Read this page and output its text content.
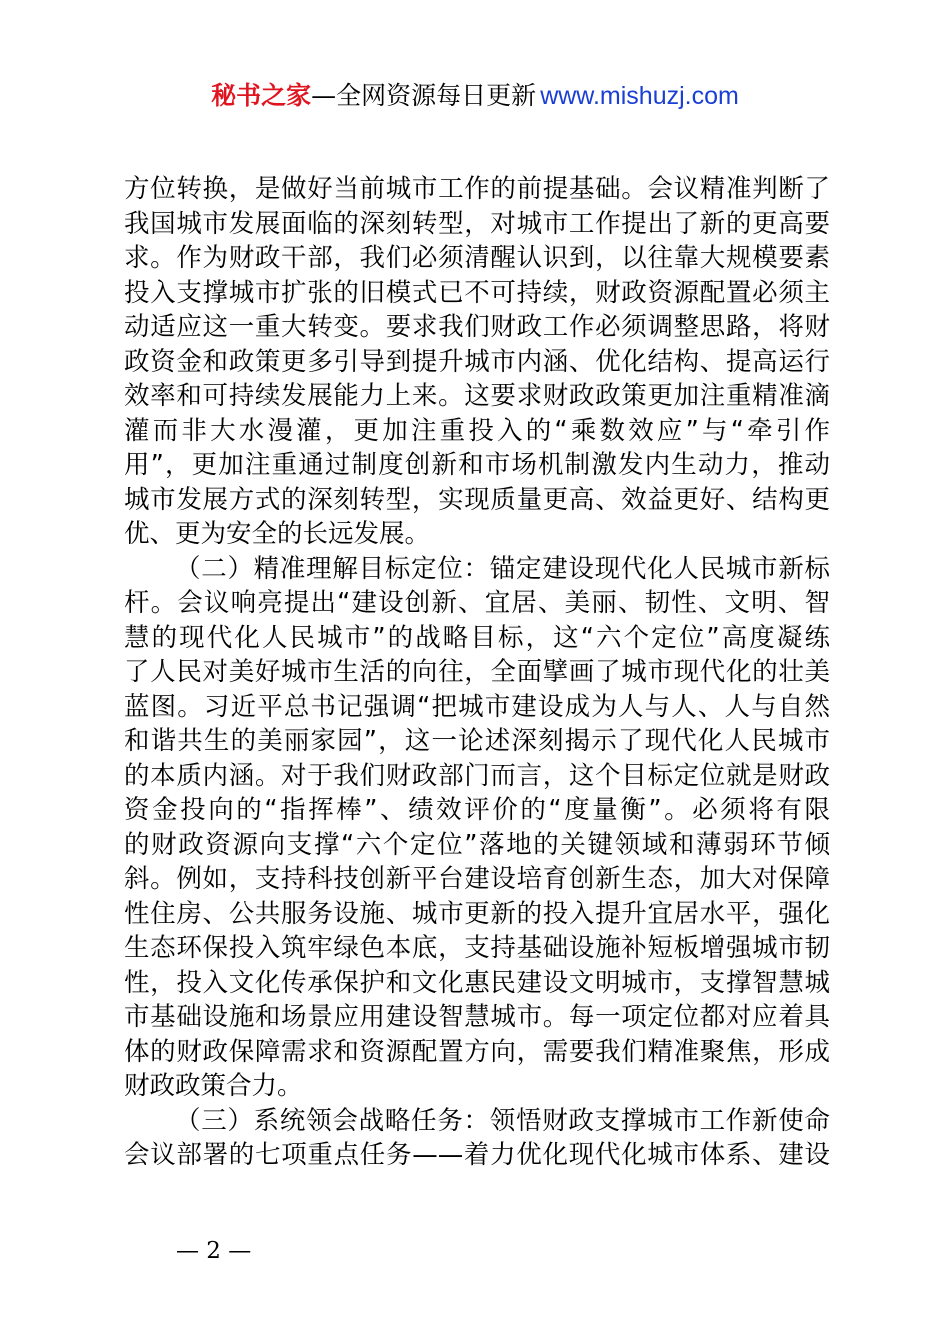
秘书之家—全网资源每日更新 www.mishuzj.com
方位转换，是做好当前城市工作的前提基础。会议精准判断了
我国城市发展面临的深刻转型，对城市工作提出了新的更高要
求。作为财政干部，我们必须清醒认识到，以往靠大规模要素
投入支撑城市扩张的旧模式已不可持续，财政资源配置必须主
动适应这一重大转变。要求我们财政工作必须调整思路，将财
政资金和政策更多引导到提升城市内涵、优化结构、提高运行
效率和可持续发展能力上来。这要求财政政策更加注重精准滴
灌而非大水漫灌，更加注重投入的“乘数效应”与“牵引作
用”，更加注重通过制度创新和市场机制激发内生动力，推动
城市发展方式的深刻转型，实现质量更高、效益更好、结构更
优、更为安全的长远发展。
（二）精准理解目标定位：锚定建设现代化人民城市新标
杆。会议响亮提出“建设创新、宜居、美丽、韧性、文明、智
慧的现代化人民城市”的战略目标，这“六个定位”高度凝练
了人民对美好城市生活的向往，全面擘画了城市现代化的壮美
蓝图。习近平总书记强调“把城市建设成为人与人、人与自然
和谐共生的美丽家园”，这一论述深刻揭示了现代化人民城市
的本质内涵。对于我们财政部门而言，这个目标定位就是财政
资金投向的“指挥棒”、绩效评价的“度量衡”。必须将有限
的财政资源向支撑“六个定位”落地的关键领域和薄弱环节倾
斜。例如，支持科技创新平台建设培育创新生态，加大对保障
性住房、公共服务设施、城市更新的投入提升宜居水平，强化
生态环保投入筑牢绿色本底，支持基础设施补短板增强城市韧
性，投入文化传承保护和文化惠民建设文明城市，支撑智慧城
市基础设施和场景应用建设智慧城市。每一项定位都对应着具
体的财政保障需求和资源配置方向，需要我们精准聚焦，形成
财政政策合力。
（三）系统领会战略任务：领悟财政支撑城市工作新使命
会议部署的七项重点任务——着力优化现代化城市体系、建设
— 2 —
